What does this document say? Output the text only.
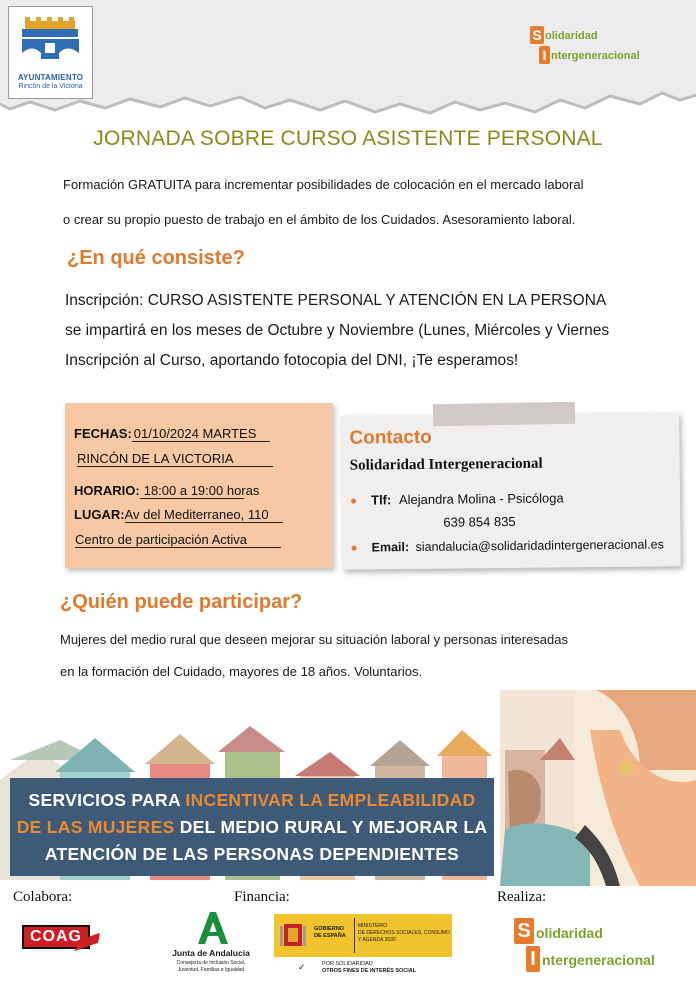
AYUNTAMIENTO
Rincón de la Victoria
S olidaridad
I ntergeneracional
JORNADA SOBRE CURSO ASISTENTE PERSONAL
Formación GRATUITA para incrementar posibilidades de colocación en el mercado laboral
o crear su propio puesto de trabajo en el ámbito de los Cuidados. Asesoramiento laboral.
¿En qué consiste?
Inscripción: CURSO ASISTENTE PERSONAL Y ATENCIÓN EN LA PERSONA
se impartirá en los meses de Octubre y Noviembre (Lunes, Miércoles y Viernes
Inscripción al Curso, aportando fotocopia del DNI, ¡Te esperamos!
FECHAS: 01/10/2024 MARTES
RINCÓN DE LA VICTORIA
HORARIO: 18:00 a 19:00 horas
LUGAR:Av del Mediterraneo, 110
Centro de participación Activa
Contacto
Solidaridad Intergeneracional
Tlf: Alejandra Molina - Psicóloga
639 854 835
Email: siandalucia@solidaridadintergeneracional.es
¿Quién puede participar?
Mujeres del medio rural que deseen mejorar su situación laboral y personas interesadas
en la formación del Cuidado, mayores de 18 años. Voluntarios.
SERVICIOS PARA INCENTIVAR LA EMPLEABILIDAD
DE LAS MUJERES DEL MEDIO RURAL Y MEJORAR LA
ATENCIÓN DE LAS PERSONAS DEPENDIENTES
Colabora:	Financia:	Realiza:
COAG
Junta de Andalucía
Consejería de Inclusión Social,
Juventud, Familias e Igualdad
GOBIERNO
DE ESPAÑA
MINISTERIO
DE DERECHOS SOCIALES, CONSUMO
Y AGENDA 2030
✓	POR SOLIDARIDAD
OTROS FINES DE INTERÉS SOCIAL
S olidaridad
I ntergeneracional
